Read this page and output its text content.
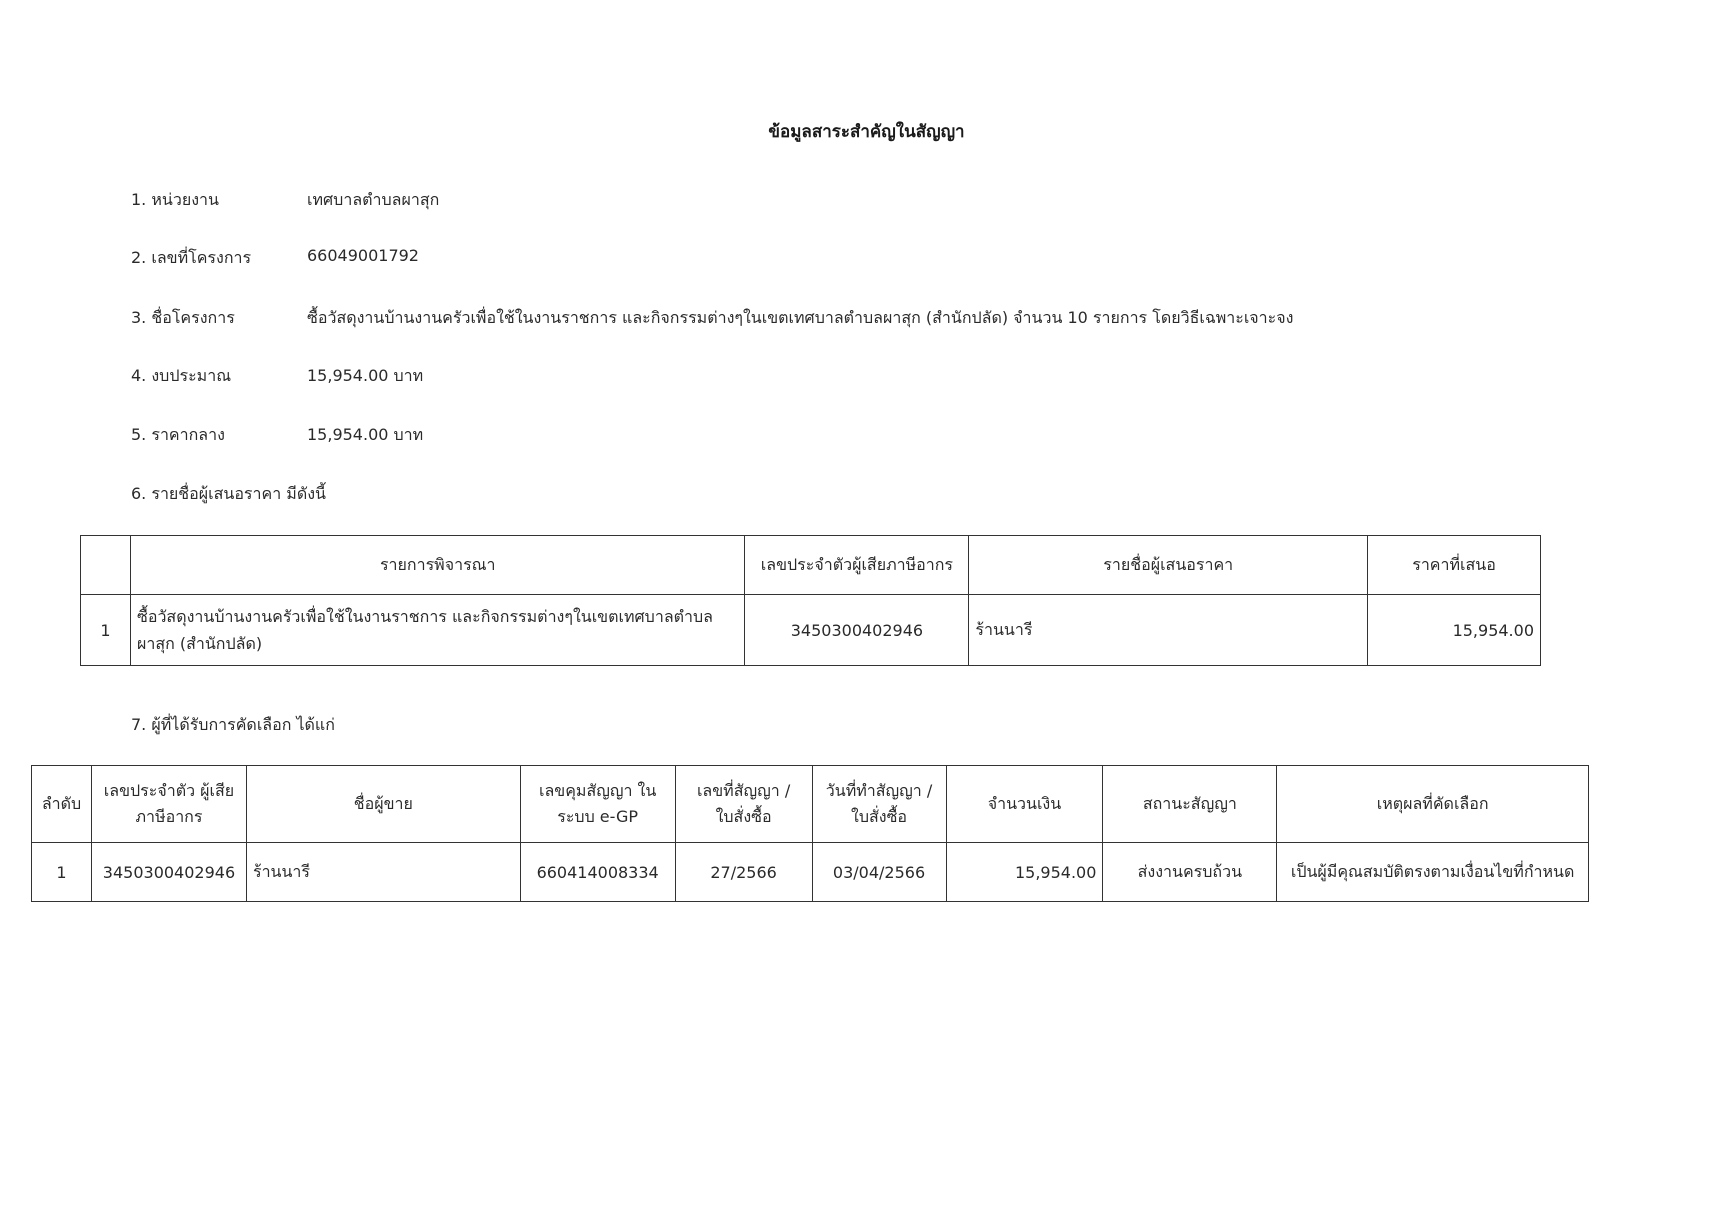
ข้อมูลสาระสำคัญในสัญญา
1. หน่วยงาน	เทศบาลตำบลผาสุก
2. เลขที่โครงการ	66049001792
3. ชื่อโครงการ	ซื้อวัสดุงานบ้านงานครัวเพื่อใช้ในงานราชการ และกิจกรรมต่างๆในเขตเทศบาลตำบลผาสุก (สำนักปลัด) จำนวน 10 รายการ โดยวิธีเฉพาะเจาะจง
4. งบประมาณ	15,954.00 บาท
5. ราคากลาง	15,954.00 บาท
6. รายชื่อผู้เสนอราคา มีดังนี้
	รายการพิจารณา	เลขประจำตัวผู้เสียภาษีอากร	รายชื่อผู้เสนอราคา	ราคาที่เสนอ
1	ซื้อวัสดุงานบ้านงานครัวเพื่อใช้ในงานราชการ และกิจกรรมต่างๆในเขตเทศบาลตำบลผาสุก (สำนักปลัด)	3450300402946	ร้านนารี	15,954.00
7. ผู้ที่ได้รับการคัดเลือก ได้แก่
ลำดับ	เลขประจำตัว ผู้เสียภาษีอากร	ชื่อผู้ขาย	เลขคุมสัญญา ในระบบ e-GP	เลขที่สัญญา / ใบสั่งซื้อ	วันที่ทำสัญญา / ใบสั่งซื้อ	จำนวนเงิน	สถานะสัญญา	เหตุผลที่คัดเลือก
1	3450300402946	ร้านนารี	660414008334	27/2566	03/04/2566	15,954.00	ส่งงานครบถ้วน	เป็นผู้มีคุณสมบัติตรงตามเงื่อนไขที่กำหนด
